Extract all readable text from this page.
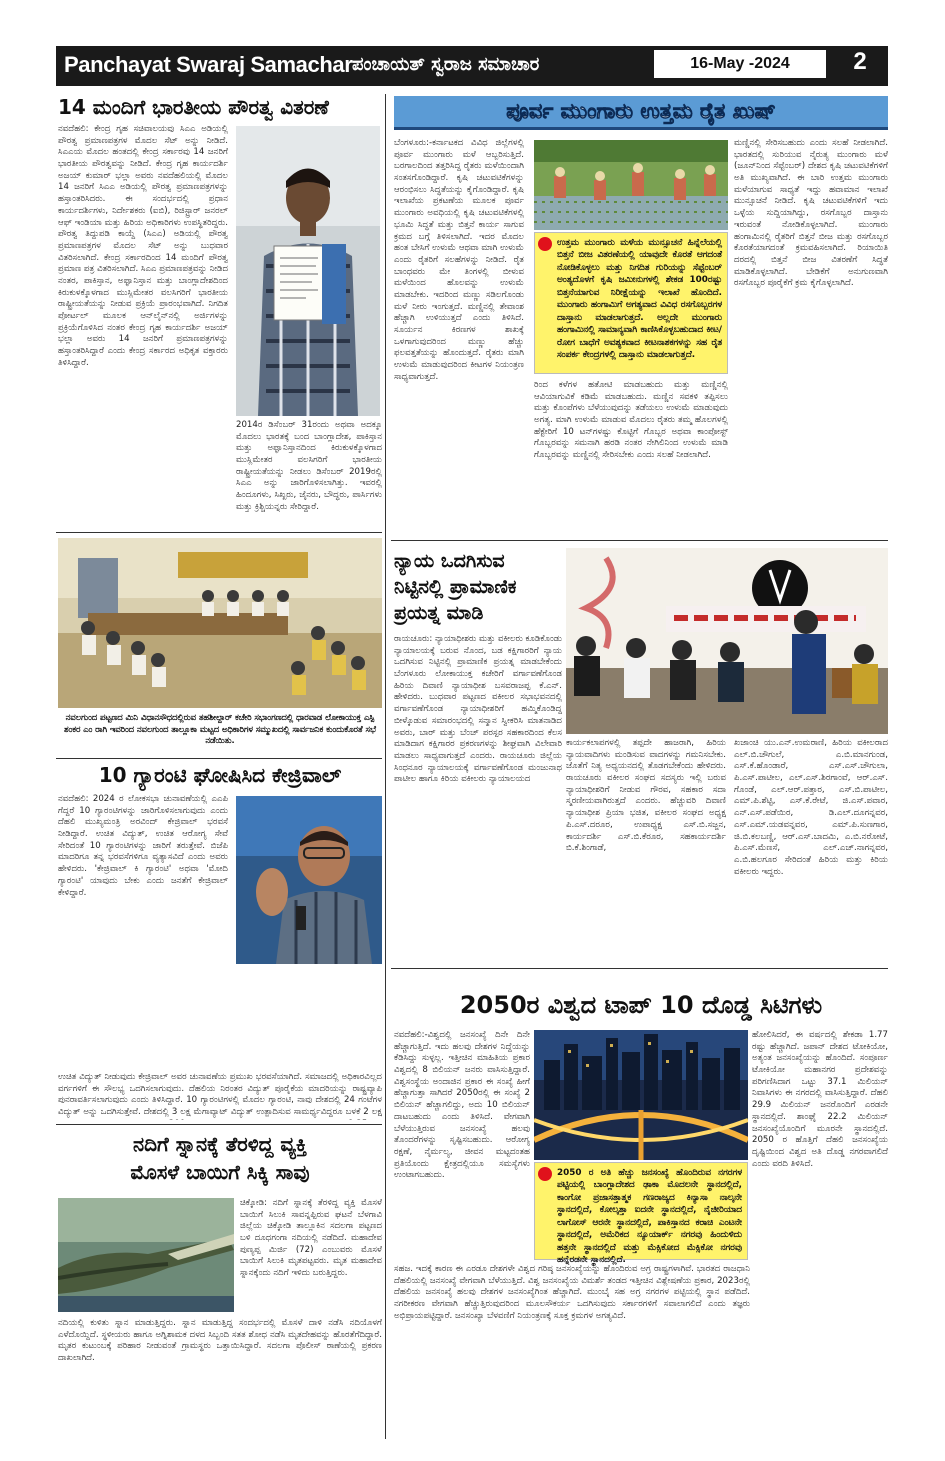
Panchayat Swaraj Samachar ಪಂಚಾಯತ್ ಸ್ವರಾಜ ಸಮಾಚಾರ	16-May -2024	2
14 ಮಂದಿಗೆ ಭಾರತೀಯ ಪೌರತ್ವ ವಿತರಣೆ
ನವದೆಹಲಿ: ಕೇಂದ್ರ ಗೃಹ ಸಚಿವಾಲಯವು ಸಿಎಎ ಅಡಿಯಲ್ಲಿ ಪೌರತ್ವ ಪ್ರಮಾಣಪತ್ರಗಳ ಮೊದಲ ಸೆಟ್ ಅನ್ನು ನೀಡಿದೆ. ಸಿಎಎಯ ಮೊದಲ ಹಂತದಲ್ಲಿ ಕೇಂದ್ರ ಸರ್ಕಾರವು 14 ಜನರಿಗೆ ಭಾರತೀಯ ಪೌರತ್ವವನ್ನು ನೀಡಿದೆ. ಕೇಂದ್ರ ಗೃಹ ಕಾರ್ಯದರ್ಶಿ ಅಜಯ್ ಕುಮಾರ್ ಭಲ್ಲಾ ಅವರು ನವದೆಹಲಿಯಲ್ಲಿ ಮೊದಲ 14 ಜನರಿಗೆ ಸಿಎಎ ಅಡಿಯಲ್ಲಿ ಪೌರತ್ವ ಪ್ರಮಾಣಪತ್ರಗಳನ್ನು ಹಸ್ತಾಂತರಿಸಿದರು. ಈ ಸಂದರ್ಭದಲ್ಲಿ ಪ್ರಧಾನ ಕಾರ್ಯದರ್ಶಿಗಳು, ನಿರ್ದೇಶಕರು (ಐಬಿ), ರಿಜಿಸ್ಟ್ರಾರ್ ಜನರಲ್ ಆಫ್ ಇಂಡಿಯಾ ಮತ್ತು ಹಿರಿಯ ಅಧಿಕಾರಿಗಳು ಉಪಸ್ಥಿತರಿದ್ದರು. ಪೌರತ್ವ ತಿದ್ದುಪಡಿ ಕಾಯ್ದೆ (ಸಿಎಎ) ಅಡಿಯಲ್ಲಿ ಪೌರತ್ವ ಪ್ರಮಾಣಪತ್ರಗಳ ಮೊದಲ ಸೆಟ್ ಅನ್ನು ಬುಧವಾರ ವಿತರಿಸಲಾಗಿದೆ. ಕೇಂದ್ರ ಸರ್ಕಾರದಿಂದ 14 ಮಂದಿಗೆ ಪೌರತ್ವ ಪ್ರಮಾಣ ಪತ್ರ ವಿತರಿಸಲಾಗಿದೆ. ಸಿಎಎ ಪ್ರಮಾಣಪತ್ರವನ್ನು ನೀಡಿದ ನಂತರ, ಪಾಕಿಸ್ತಾನ, ಅಫ್ಘಾನಿಸ್ತಾನ ಮತ್ತು ಬಾಂಗ್ಲಾದೇಶದಿಂದ ಕಿರುಕುಳಕ್ಕೊಳಗಾದ ಮುಸ್ಲಿಮೇತರ ವಲಸಿಗರಿಗೆ ಭಾರತೀಯ ರಾಷ್ಟ್ರೀಯತೆಯನ್ನು ನೀಡುವ ಪ್ರಕ್ರಿಯೆ ಪ್ರಾರಂಭವಾಗಿದೆ. ನಿಗದಿತ ಪೋರ್ಟಲ್ ಮೂಲಕ ಆನ್‌ಲೈನ್‌ನಲ್ಲಿ ಅರ್ಜಿಗಳನ್ನು ಪ್ರಕ್ರಿಯೆಗೊಳಿಸಿದ ನಂತರ ಕೇಂದ್ರ ಗೃಹ ಕಾರ್ಯದರ್ಶಿ ಅಜಯ್ ಭಲ್ಲಾ ಅವರು 14 ಜನರಿಗೆ ಪ್ರಮಾಣಪತ್ರಗಳನ್ನು ಹಸ್ತಾಂತರಿಸಿದ್ದಾರೆ ಎಂದು ಕೇಂದ್ರ ಸರ್ಕಾರದ ಅಧಿಕೃತ ವಕ್ತಾರರು ತಿಳಿಸಿದ್ದಾರೆ.
2014ರ ಡಿಸೆಂಬರ್ 31ರಂದು ಅಥವಾ ಅದಕ್ಕೂ ಮೊದಲು ಭಾರತಕ್ಕೆ ಬಂದ ಬಾಂಗ್ಲಾದೇಶ, ಪಾಕಿಸ್ತಾನ ಮತ್ತು ಅಫ್ಘಾನಿಸ್ತಾನದಿಂದ ಕಿರುಕುಳಕ್ಕೊಳಗಾದ ಮುಸ್ಲಿಮೇತರ ವಲಸಿಗರಿಗೆ ಭಾರತೀಯ ರಾಷ್ಟ್ರೀಯತೆಯನ್ನು ನೀಡಲು ಡಿಸೆಂಬರ್ 2019ರಲ್ಲಿ ಸಿಎಎ ಅನ್ನು ಜಾರಿಗೊಳಿಸಲಾಗಿತ್ತು. ಇವರಲ್ಲಿ ಹಿಂದೂಗಳು, ಸಿಖ್ಖರು, ಜೈನರು, ಬೌದ್ಧರು, ಪಾರ್ಸಿಗಳು ಮತ್ತು ಕ್ರಿಶ್ಚಿಯನ್ನರು ಸೇರಿದ್ದಾರೆ.
ನವಲಗುಂದ ಪಟ್ಟಣದ ಮಿನಿ ವಿಧಾನಸೌಧದಲ್ಲಿರುವ ತಹಶೀಲ್ದಾರ್ ಕಚೇರಿ ಸಭಾಂಗಣದಲ್ಲಿ ಧಾರವಾಡ ಲೋಕಾಯುಕ್ತ ಎಸ್ಪಿ ಶಂಕರ ಎಂ ರಾಗಿ ಇವರಿಂದ ನವಲಗುಂದ ತಾಲ್ಲೂಕಾ ಮಟ್ಟದ ಅಧಿಕಾರಿಗಳ ಸಮ್ಮುಖದಲ್ಲಿ ಸಾರ್ವಜನಿಕ ಕುಂದುಕೊರತೆ ಸಭೆ ನಡೆಯಿತು.
10 ಗ್ಯಾರಂಟಿ ಘೋಷಿಸಿದ ಕೇಜ್ರಿವಾಲ್
ನವದೆಹಲಿ: 2024 ರ ಲೋಕಸಭಾ ಚುನಾವಣೆಯಲ್ಲಿ ಎಎಪಿ ಗೆದ್ದರೆ 10 ಗ್ಯಾರಂಟಿಗಳನ್ನು ಜಾರಿಗೊಳಿಸಲಾಗುವುದು ಎಂದು ದೆಹಲಿ ಮುಖ್ಯಮಂತ್ರಿ ಅರವಿಂದ್ ಕೇಜ್ರಿವಾಲ್ ಭರವಸೆ ನೀಡಿದ್ದಾರೆ. ಉಚಿತ ವಿದ್ಯುತ್, ಉಚಿತ ಆರೋಗ್ಯ ಸೇವೆ ಸೇರಿದಂತೆ 10 ಗ್ಯಾರಂಟಿಗಳನ್ನು ಜಾರಿಗೆ ತರುತ್ತೇವೆ. ಬಿಜೆಪಿ ಮಾದರಿಗೂ ತನ್ನ ಭರವಸೆಗಳಿಗೂ ವ್ಯತ್ಯಾಸವಿದೆ ಎಂದು ಅವರು ಹೇಳಿದರು. 'ಕೇಜ್ರಿವಾಲ್ ಕಿ ಗ್ಯಾರಂಟಿ' ಅಥವಾ 'ಮೋದಿ ಗ್ಯಾರಂಟಿ' ಯಾವುದು ಬೇಕು ಎಂದು ಜನತೆಗೆ ಕೇಜ್ರಿವಾಲ್ ಕೇಳಿದ್ದಾರೆ.
ಉಚಿತ ವಿದ್ಯುತ್ ನೀಡುವುದು ಕೇಜ್ರಿವಾಲ್ ಅವರ ಚುನಾವಣೆಯ ಪ್ರಮುಖ ಭರವಸೆಯಾಗಿದೆ. ಸಮಾಜದಲ್ಲಿ ಅಧಿಕಾರವಿಲ್ಲದ ವರ್ಗಗಳಿಗೆ ಈ ಸೌಲಭ್ಯ ಒದಗಿಸಲಾಗುವುದು. ದೆಹಲಿಯ ನಿರಂತರ ವಿದ್ಯುತ್ ಪೂರೈಕೆಯ ಮಾದರಿಯನ್ನು ರಾಷ್ಟ್ರವ್ಯಾಪಿ ಪುನರಾವರ್ತಿಸಲಾಗುವುದು ಎಂದು ತಿಳಿಸಿದ್ದಾರೆ. 10 ಗ್ಯಾರಂಟಿಗಳಲ್ಲಿ ಮೊದಲ ಗ್ಯಾರಂಟಿ, ನಾವು ದೇಶದಲ್ಲಿ 24 ಗಂಟೆಗಳ ವಿದ್ಯುತ್ ಅನ್ನು ಒದಗಿಸುತ್ತೇವೆ. ದೇಶದಲ್ಲಿ 3 ಲಕ್ಷ ಮೆಗಾವ್ಯಾಟ್ ವಿದ್ಯುತ್ ಉತ್ಪಾದಿಸುವ ಸಾಮರ್ಥ್ಯವಿದ್ದರೂ ಬಳಕೆ 2 ಲಕ್ಷ
ನದಿಗೆ ಸ್ನಾನಕ್ಕೆ ತೆರಳಿದ್ದ ವ್ಯಕ್ತಿ
ಮೊಸಳೆ ಬಾಯಿಗೆ ಸಿಕ್ಕಿ ಸಾವು
ಚಿಕ್ಕೋಡಿ: ನದಿಗೆ ಸ್ನಾನಕ್ಕೆ ತೆರಳಿದ್ದ ವ್ಯಕ್ತಿ ಮೊಸಳೆ ಬಾಯಿಗೆ ಸಿಲುಕಿ ಸಾವನ್ನಪ್ಪಿರುವ ಘಟನೆ ಬೆಳಗಾವಿ ಜಿಲ್ಲೆಯ ಚಿಕ್ಕೋಡಿ ತಾಲ್ಲೂಕಿನ ಸದಲಗಾ ಪಟ್ಟಣದ ಬಳಿ ದೂಧಗಂಗಾ ನದಿಯಲ್ಲಿ ನಡೆದಿದೆ. ಮಹಾದೇವ ಪುಣ್ಯಪ್ಪ ಮಿರ್ಜಿ (72) ಎಂಬುವರು ಮೊಸಳೆ ಬಾಯಿಗೆ ಸಿಲುಕಿ ಮೃತಪಟ್ಟವರು. ಮೃತ ಮಹಾದೇವ ಸ್ನಾನಕ್ಕೆಂದು ನದಿಗೆ ಇಳಿದು ಬರುತ್ತಿದ್ದರು.
ನದಿಯಲ್ಲಿ ಕುಳಿತು ಸ್ನಾನ ಮಾಡುತ್ತಿದ್ದರು. ಸ್ನಾನ ಮಾಡುತ್ತಿದ್ದ ಸಂದರ್ಭದಲ್ಲಿ ಮೊಸಳೆ ದಾಳಿ ನಡೆಸಿ ನದಿಯೊಳಗೆ ಎಳೆದೊಯ್ದಿದೆ. ಸ್ಥಳೀಯರು ಹಾಗೂ ಅಗ್ನಿಶಾಮಕ ದಳದ ಸಿಬ್ಬಂದಿ ಸತತ ಶೋಧ ನಡೆಸಿ ಮೃತದೇಹವನ್ನು ಹೊರತೆಗೆದಿದ್ದಾರೆ. ಮೃತರ ಕುಟುಂಬಕ್ಕೆ ಪರಿಹಾರ ನೀಡುವಂತೆ ಗ್ರಾಮಸ್ಥರು ಒತ್ತಾಯಿಸಿದ್ದಾರೆ. ಸದಲಗಾ ಪೊಲೀಸ್ ಠಾಣೆಯಲ್ಲಿ ಪ್ರಕರಣ ದಾಖಲಾಗಿದೆ.
ಪೂರ್ವ ಮುಂಗಾರು ಉತ್ತಮ ರೈತ ಖುಷ್
ಬೆಂಗಳೂರು:-ಕರ್ನಾಟಕದ ವಿವಿಧ ಜಿಲ್ಲೆಗಳಲ್ಲಿ ಪೂರ್ವ ಮುಂಗಾರು ಮಳೆ ಆಬ್ಬರಿಸುತ್ತಿದೆ. ಬರಗಾಲದಿಂದ ತತ್ತರಿಸಿದ್ದ ರೈತರು ಮಳೆಯಿಂದಾಗಿ ಸಂತಸಗೊಂಡಿದ್ದಾರೆ. ಕೃಷಿ ಚಟುವಟಿಕೆಗಳನ್ನು ಆರಂಭಿಸಲು ಸಿದ್ಧತೆಯನ್ನು ಕೈಗೊಂಡಿದ್ದಾರೆ. ಕೃಷಿ ಇಲಾಖೆಯ ಪ್ರಕಟಣೆಯ ಮೂಲಕ ಪೂರ್ವ ಮುಂಗಾರು ಅವಧಿಯಲ್ಲಿ ಕೃಷಿ ಚಟುವಟಿಕೆಗಳಲ್ಲಿ ಭೂಮಿ ಸಿದ್ಧತೆ ಮತ್ತು ಬಿತ್ತನೆ ಕಾರ್ಯ ಸಾಗುವ ಕ್ರಮದ ಬಗ್ಗೆ ತಿಳಿಸಲಾಗಿದೆ. ಇದರ ಮೊದಲ ಹಂತ ಬೇಸಿಗೆ ಉಳುಮೆ ಆಥವಾ ಮಾಗಿ ಉಳುಮೆ ಎಂದು ರೈತರಿಗೆ ಸಲಹೆಗಳನ್ನು ನೀಡಿದೆ. ರೈತ ಬಾಂಧವರು ಮೇ ತಿಂಗಳಲ್ಲಿ ಬೀಳುವ ಮಳೆಯಿಂದ ಹೊಲವನ್ನು ಉಳುಮೆ ಮಾಡಬೇಕು. ಇದರಿಂದ ಮಣ್ಣು ಸಡಿಲಗೊಂಡು ಮಳೆ ನೀರು ಇಂಗುತ್ತದೆ. ಮಣ್ಣಿನಲ್ಲಿ ತೇವಾಂಶ ಹೆಚ್ಚಾಗಿ ಉಳಿಯುತ್ತದೆ ಎಂದು ತಿಳಿಸಿದೆ. ಸೂರ್ಯನ ಕಿರಣಗಳ ಶಾಖಕ್ಕೆ ಒಳಗಾಗುವುದರಿಂದ ಮಣ್ಣು ಹೆಚ್ಚು ಫಲವತ್ತತೆಯನ್ನು ಹೊಂದುತ್ತದೆ. ರೈತರು ಮಾಗಿ ಉಳುಮೆ ಮಾಡುವುದರಿಂದ ಕೀಟಗಳ ನಿಯಂತ್ರಣ ಸಾಧ್ಯವಾಗುತ್ತದೆ.
ಮಣ್ಣಿನಲ್ಲಿ ಸೇರಿಸಬಹುದು ಎಂದು ಸಲಹೆ ನೀಡಲಾಗಿದೆ. ಭಾರತದಲ್ಲಿ ಸುರಿಯುವ ನೈರುತ್ಯ ಮುಂಗಾರು ಮಳೆ (ಜೂನ್‌ನಿಂದ ಸೆಪ್ಟೆಂಬರ್) ದೇಶದ ಕೃಷಿ ಚಟುವಟಿಕೆಗಳಿಗೆ ಅತಿ ಮುಖ್ಯವಾಗಿದೆ. ಈ ಬಾರಿ ಉತ್ತಮ ಮುಂಗಾರು ಮಳೆಯಾಗುವ ಸಾಧ್ಯತೆ ಇದ್ದು ಹವಾಮಾನ ಇಲಾಖೆ ಮುನ್ಸೂಚನೆ ನೀಡಿದೆ. ಕೃಷಿ ಚಟುವಟಿಕೆಗಳಿಗೆ ಇದು ಒಳ್ಳೆಯ ಸುದ್ದಿಯಾಗಿದ್ದು, ರಸಗೊಬ್ಬರ ದಾಸ್ತಾನು ಇರುವಂತೆ ನೋಡಿಕೊಳ್ಳಲಾಗಿದೆ. ಮುಂಗಾರು ಹಂಗಾಮಿನಲ್ಲಿ ರೈತರಿಗೆ ಬಿತ್ತನೆ ಬೀಜ ಮತ್ತು ರಸಗೊಬ್ಬರ ಕೊರತೆಯಾಗದಂತೆ ಕ್ರಮವಹಿಸಲಾಗಿದೆ. ರಿಯಾಯಿತಿ ದರದಲ್ಲಿ ಬಿತ್ತನೆ ಬೀಜ ವಿತರಣೆಗೆ ಸಿದ್ಧತೆ ಮಾಡಿಕೊಳ್ಳಲಾಗಿದೆ. ಬೇಡಿಕೆಗೆ ಅನುಗುಣವಾಗಿ ರಸಗೊಬ್ಬರ ಪೂರೈಕೆಗೆ ಕ್ರಮ ಕೈಗೊಳ್ಳಲಾಗಿದೆ.
ಉತ್ತಮ ಮುಂಗಾರು ಮಳೆಯ ಮುನ್ಸೂಚನೆ ಹಿನ್ನೆಲೆಯಲ್ಲಿ ಬಿತ್ತನೆ ಬೀಜ ವಿತರಣೆಯಲ್ಲಿ ಯಾವುದೇ ಕೊರತೆ ಆಗದಂತೆ ನೋಡಿಕೊಳ್ಳಲು ಮತ್ತು ನಿಗದಿತ ಗುರಿಯನ್ನು ಸೆಪ್ಟೆಂಬರ್ ಅಂತ್ಯದೊಳಗೆ ಕೃಷಿ ಜಮೀನುಗಳಲ್ಲಿ ಶೇಕಡ 100ರಷ್ಟು ಬಿತ್ತನೆಯಾಗುವ ನಿರೀಕ್ಷೆಯನ್ನು ಇಲಾಖೆ ಹೊಂದಿದೆ. ಮುಂಗಾರು ಹಂಗಾಮಿಗೆ ಅಗತ್ಯವಾದ ವಿವಿಧ ರಸಗೊಬ್ಬರಗಳ ದಾಸ್ತಾನು ಮಾಡಲಾಗುತ್ತದೆ. ಅಲ್ಲದೇ ಮುಂಗಾರು ಹಂಗಾಮಿನಲ್ಲಿ ಸಾಮಾನ್ಯವಾಗಿ ಕಾಣಿಸಿಕೊಳ್ಳಬಹುದಾದ ಕೀಟ/ರೋಗ ಬಾಧೆಗೆ ಅವಶ್ಯಕವಾದ ಕೀಟನಾಶಕಗಳನ್ನು ಸಹ ರೈತ ಸಂಪರ್ಕ ಕೇಂದ್ರಗಳಲ್ಲಿ ದಾಸ್ತಾನು ಮಾಡಲಾಗುತ್ತದೆ.
ರಿಂದ ಕಳೆಗಳ ಹತೋಟಿ ಮಾಡಬಹುದು ಮತ್ತು ಮಣ್ಣಿನಲ್ಲಿ ಆವಿಯಾಗುವಿಕೆ ಕಡಿಮೆ ಮಾಡಬಹುದು. ಮಣ್ಣಿನ ಸವಕಳಿ ತಪ್ಪಿಸಲು ಮತ್ತು ಕೊಂಪೆಗಳು ಬೆಳೆಯುವುದನ್ನು ತಡೆಯಲು ಉಳುಮೆ ಮಾಡುವುದು ಅಗತ್ಯ. ಮಾಗಿ ಉಳುಮೆ ಮಾಡುವ ಮೊದಲು ರೈತರು ತಮ್ಮ ಹೊಲಗಳಲ್ಲಿ ಹೆಕ್ಟೇರಿಗೆ 10 ಟನ್‌ಗಳಷ್ಟು ಕೊಟ್ಟಿಗೆ ಗೊಬ್ಬರ ಅಥವಾ ಕಾಂಪೋಸ್ಟ್ ಗೊಬ್ಬರವನ್ನು ಸಮನಾಗಿ ಹರಡಿ ನಂತರ ನೇಗಿಲಿನಿಂದ ಉಳುಮೆ ಮಾಡಿ ಗೊಬ್ಬರವನ್ನು ಮಣ್ಣಿನಲ್ಲಿ ಸೇರಿಸಬೇಕು ಎಂದು ಸಲಹೆ ನೀಡಲಾಗಿದೆ.
ನ್ಯಾಯ ಒದಗಿಸುವ
ನಿಟ್ಟಿನಲ್ಲಿ ಪ್ರಾಮಾಣಿಕ
ಪ್ರಯತ್ನ ಮಾಡಿ
ರಾಯಚೂರು: ನ್ಯಾಯಾಧೀಶರು ಮತ್ತು ವಕೀಲರು ಕೂಡಿಕೊಂಡು ನ್ಯಾಯಾಲಯಕ್ಕೆ ಬರುವ ನೊಂದ, ಬಡ ಕಕ್ಷಿಗಾರರಿಗೆ ನ್ಯಾಯ ಒದಗಿಸುವ ನಿಟ್ಟಿನಲ್ಲಿ ಪ್ರಾಮಾಣಿಕ ಪ್ರಯತ್ನ ಮಾಡಬೇಕೆಂದು ಬೆಂಗಳೂರು ಲೋಕಾಯುಕ್ತ ಕಚೇರಿಗೆ ವರ್ಗಾವಣೆಗೊಂಡ ಹಿರಿಯ ದಿವಾಣಿ ನ್ಯಾಯಾಧೀಶ ಬಸವರಾಜಪ್ಪ ಕೆ.ಎನ್. ಹೇಳಿದರು. ಬುಧವಾರ ಪಟ್ಟಣದ ವಕೀಲರ ಸಭಾಭವನದಲ್ಲಿ ವರ್ಗಾವಣೆಗೊಂಡ ನ್ಯಾಯಾಧೀಶರಿಗೆ ಹಮ್ಮಿಕೊಂಡಿದ್ದ ಬೀಳ್ಕೊಡುವ ಸಮಾರಂಭದಲ್ಲಿ ಸನ್ಮಾನ ಸ್ವೀಕರಿಸಿ ಮಾತನಾಡಿದ ಅವರು, ಬಾರ್ ಮತ್ತು ಬೆಂಚ್ ಪರಸ್ಪರ ಸಹಕಾರದಿಂದ ಕೆಲಸ ಮಾಡಿದಾಗ ಕಕ್ಷಿಗಾರರ ಪ್ರಕರಣಗಳನ್ನು ಶೀಘ್ರವಾಗಿ ವಿಲೇವಾರಿ ಮಾಡಲು ಸಾಧ್ಯವಾಗುತ್ತದೆ ಎಂದರು. ರಾಯಚೂರು ಜಿಲ್ಲೆಯ ಸಿಂಧನೂರ ನ್ಯಾಯಾಲಯಕ್ಕೆ ವರ್ಗಾವಣೆಗೊಂಡ ಮಂಜುನಾಥ ಪಾಟೀಲ ಹಾಗೂ ಕಿರಿಯ ವಕೀಲರು ನ್ಯಾಯಾಲಯದ
ಕಾರ್ಯಕಲಾಪಗಳಲ್ಲಿ ತಪ್ಪದೇ ಹಾಜರಾಗಿ, ಹಿರಿಯ ನ್ಯಾಯವಾದಿಗಳು ಮಂಡಿಸುವ ವಾದಗಳನ್ನು ಗಮನಿಸಬೇಕು. ಜೊತೆಗೆ ನಿತ್ಯ ಅಧ್ಯಯನದಲ್ಲಿ ತೊಡಗಬೇಕೆಂದು ಹೇಳಿದರು. ರಾಯಚೂರು ವಕೀಲರ ಸಂಘದ ಸದಸ್ಯರು ಇಲ್ಲಿ ಬರುವ ನ್ಯಾಯಾಧೀಶರಿಗೆ ನೀಡುವ ಗೌರವ, ಸಹಕಾರ ಸದಾ ಸ್ಮರಣೀಯವಾಗಿರುತ್ತದೆ ಎಂದರು. ಹೆಚ್ಚುವರಿ ದಿವಾಣಿ ನ್ಯಾಯಾಧೀಶ ಪ್ರಿಯಾ ಭಜಿತ, ವಕೀಲರ ಸಂಘದ ಅಧ್ಯಕ್ಷ ಪಿ.ಎಸ್.ದರೂರ, ಉಪಾಧ್ಯಕ್ಷ ಎಸ್.ಬಿ.ಸಜ್ಜನ, ಕಾರ್ಯದರ್ಶಿ ಎಸ್.ಬಿ.ಕೆರೂರ, ಸಹಕಾರ್ಯದರ್ಶಿ ಬಿ.ಕೆ.ಶಿಂಗಾಡೆ,
ಖಜಾಂಚಿ ಯು.ಎನ್.ಉಮರಾಣಿ, ಹಿರಿಯ ವಕೀಲರಾದ ಎಲ್.ಬಿ.ಚೌಗುಲೆ, ಎ.ಬಿ.ಮಾನಗುಂಡ, ಎಸ್.ಕೆ.ಹೊಂಡಾರೆ, ಎಸ್.ಎಸ್.ಚೌಗುಲಾ, ಪಿ.ಎಸ್.ಪಾಟೀಲ, ಎಲ್.ಎಸ್.ಶಿರಗಾಂವೆ, ಆರ್.ಎಸ್. ಗೊಂಡೆ, ಎಲ್.ಆರ್.ಪತ್ತಾರ, ಎಸ್.ಬಿ.ಪಾಟೀಲ, ಎಮ್.ಪಿ.ಶೆಟ್ಟಿ, ಎಸ್.ಕೆ.ರೇಟೆ, ಜಿ.ಎಸ್.ಪವಾರ, ಎನ್.ಎಸ್.ಪಡೆಯಿರ, ಡಿ.ಎಲ್.ದೂಗನ್ನವರ, ಎಸ್.ಎಮ್.ಯಡವನ್ನವರ, ಎಮ್.ಪಿ.ಸುಣಗಾರ, ಜಿ.ಬಿ.ಕಲಬಣ್ಣಿ, ಆರ್.ಎಸ್.ಬಾದಮಿ, ಎ.ಬಿ.ನರೋಟೆ, ಪಿ.ಎಸ್.ಮೆಣಸೆ, ಎಲ್.ಎಚ್.ನಾಗನ್ನವರ, ಎ.ಬಿ.ಹಲಗೂರ ಸೇರಿದಂತೆ ಹಿರಿಯ ಮತ್ತು ಕಿರಿಯ ವಕೀಲರು ಇದ್ದರು.
2050ರ ವಿಶ್ವದ ಟಾಪ್ 10 ದೊಡ್ಡ ಸಿಟಿಗಳು
ನವದೆಹಲಿ:-ವಿಶ್ವದಲ್ಲಿ ಜನಸಂಖ್ಯೆ ದಿನೇ ದಿನೇ ಹೆಚ್ಚಾಗುತ್ತಿದೆ. ಇದು ಹಲವು ದೇಶಗಳ ನಿದ್ದೆಯನ್ನು ಕೆಡಿಸಿದ್ದು ಸುಳ್ಳಲ್ಲ. ಇತ್ತೀಚಿನ ಮಾಹಿತಿಯ ಪ್ರಕಾರ ವಿಶ್ವದಲ್ಲಿ 8 ಬಿಲಿಯನ್ ಜನರು ವಾಸಿಸುತ್ತಿದ್ದಾರೆ. ವಿಶ್ವಸಂಸ್ಥೆಯ ಅಂದಾಜಿನ ಪ್ರಕಾರ ಈ ಸಂಖ್ಯೆ ಹೀಗೆ ಹೆಚ್ಚಾಗುತ್ತಾ ಸಾಗಿದರೆ 2050ರಲ್ಲಿ ಈ ಸಂಖ್ಯೆ 2 ಬಿಲಿಯನ್ ಹೆಚ್ಚಾಗಲಿದ್ದು, ಅದು 10 ಬಿಲಿಯನ್ ದಾಟಬಹುದು ಎಂದು ತಿಳಿಸಿದೆ. ವೇಗವಾಗಿ ಬೆಳೆಯುತ್ತಿರುವ ಜನಸಂಖ್ಯೆ ಹಲವು ತೊಂದರೆಗಳನ್ನು ಸೃಷ್ಟಿಸಬಹುದು. ಆರೋಗ್ಯ ರಕ್ಷಣೆ, ನೈರ್ಮಲ್ಯ, ಜೀವನ ಮಟ್ಟದಂತಹ ಪ್ರತಿಯೊಂದು ಕ್ಷೇತ್ರದಲ್ಲಿಯೂ ಸಮಸ್ಯೆಗಳು ಉಂಟಾಗಬಹುದು.
ಹೋಲಿಸಿದರೆ, ಈ ವರ್ಷದಲ್ಲಿ ಶೇಕಡಾ 1.77 ರಷ್ಟು ಹೆಚ್ಚಾಗಿದೆ. ಜಪಾನ್ ದೇಶದ ಟೋಕಿಯೋ, ಅತ್ಯಂತ ಜನಸಂಖ್ಯೆಯನ್ನು ಹೊಂದಿದೆ. ಸಂಪೂರ್ಣ ಟೋಕಿಯೋ ಮಹಾನಗರ ಪ್ರದೇಶವನ್ನು ಪರಿಗಣಿಸಿದಾಗ ಒಟ್ಟು 37.1 ಮಿಲಿಯನ್ ನಿವಾಸಿಗಳು ಈ ನಗರದಲ್ಲಿ ವಾಸಿಸುತ್ತಿದ್ದಾರೆ. ದೆಹಲಿ 29.9 ಮಿಲಿಯನ್ ಜನರೊಂದಿಗೆ ಎರಡನೇ ಸ್ಥಾನದಲ್ಲಿದೆ. ಶಾಂಘೈ 22.2 ಮಿಲಿಯನ್ ಜನಸಂಖ್ಯೆಯೊಂದಿಗೆ ಮೂರನೇ ಸ್ಥಾನದಲ್ಲಿದೆ. 2050 ರ ಹೊತ್ತಿಗೆ ದೆಹಲಿ ಜನಸಂಖ್ಯೆಯ ದೃಷ್ಟಿಯಿಂದ ವಿಶ್ವದ ಅತಿ ದೊಡ್ಡ ನಗರವಾಗಲಿದೆ ಎಂದು ವರದಿ ತಿಳಿಸಿದೆ.
2050 ರ ಅತಿ ಹೆಚ್ಚು ಜನಸಂಖ್ಯೆ ಹೊಂದಿರುವ ನಗರಗಳ ಪಟ್ಟಿಯಲ್ಲಿ ಬಾಂಗ್ಲಾದೇಶದ ಢಾಕಾ ಮೊದಲನೇ ಸ್ಥಾನದಲ್ಲಿದೆ, ಕಾಂಗೋ ಪ್ರಜಾಸತ್ತಾತ್ಮಕ ಗಣರಾಜ್ಯದ ಕಿನ್ಯಾಸಾ ನಾಲ್ಕನೇ ಸ್ಥಾನದಲ್ಲಿದೆ, ಕೋಲ್ಕತ್ತಾ ಐದನೇ ಸ್ಥಾನದಲ್ಲಿದೆ, ನೈಜೀರಿಯಾದ ಲಾಗೋಸ್ ಆರನೇ ಸ್ಥಾನದಲ್ಲಿದೆ, ಪಾಕಿಸ್ತಾನದ ಕರಾಚಿ ಎಂಟನೇ ಸ್ಥಾನದಲ್ಲಿದೆ, ಅಮೆರಿಕದ ನ್ಯೂಯಾರ್ಕ್ ನಗರವು ಹಿಂದುಳಿದು ಹತ್ತನೇ ಸ್ಥಾನದಲ್ಲಿದೆ ಮತ್ತು ಮೆಕ್ಸಿಕೋದ ಮೆಕ್ಸಿಕೋ ನಗರವು ಹನ್ನೆರಡನೇ ಸ್ಥಾನದಲ್ಲಿದೆ.
ಸಹಜ. ಇದಕ್ಕೆ ಕಾರಣ ಈ ಎರಡೂ ದೇಶಗಳೇ ವಿಶ್ವದ ಗರಿಷ್ಠ ಜನಸಂಖ್ಯೆಯನ್ನು ಹೊಂದಿರುವ ಅಗ್ರ ರಾಷ್ಟ್ರಗಳಾಗಿವೆ. ಭಾರತದ ರಾಜಧಾನಿ ದೆಹಲಿಯಲ್ಲಿ ಜನಸಂಖ್ಯೆ ವೇಗವಾಗಿ ಬೆಳೆಯುತ್ತಿದೆ. ವಿಶ್ವ ಜನಸಂಖ್ಯೆಯ ವಿಮರ್ಶೆ ತಂಡದ ಇತ್ತೀಚಿನ ವಿಶ್ಲೇಷಣೆಯ ಪ್ರಕಾರ, 2023ರಲ್ಲಿ ದೆಹಲಿಯ ಜನಸಂಖ್ಯೆ ಹಲವು ದೇಶಗಳ ಜನಸಂಖ್ಯೆಗಿಂತ ಹೆಚ್ಚಾಗಿದೆ. ಮುಂಬೈ ಸಹ ಅಗ್ರ ನಗರಗಳ ಪಟ್ಟಿಯಲ್ಲಿ ಸ್ಥಾನ ಪಡೆದಿದೆ. ನಗರೀಕರಣ ವೇಗವಾಗಿ ಹೆಚ್ಚುತ್ತಿರುವುದರಿಂದ ಮೂಲಸೌಕರ್ಯ ಒದಗಿಸುವುದು ಸರ್ಕಾರಗಳಿಗೆ ಸವಾಲಾಗಲಿದೆ ಎಂದು ತಜ್ಞರು ಅಭಿಪ್ರಾಯಪಟ್ಟಿದ್ದಾರೆ. ಜನಸಂಖ್ಯಾ ಬೆಳವಣಿಗೆ ನಿಯಂತ್ರಣಕ್ಕೆ ಸೂಕ್ತ ಕ್ರಮಗಳ ಅಗತ್ಯವಿದೆ.
